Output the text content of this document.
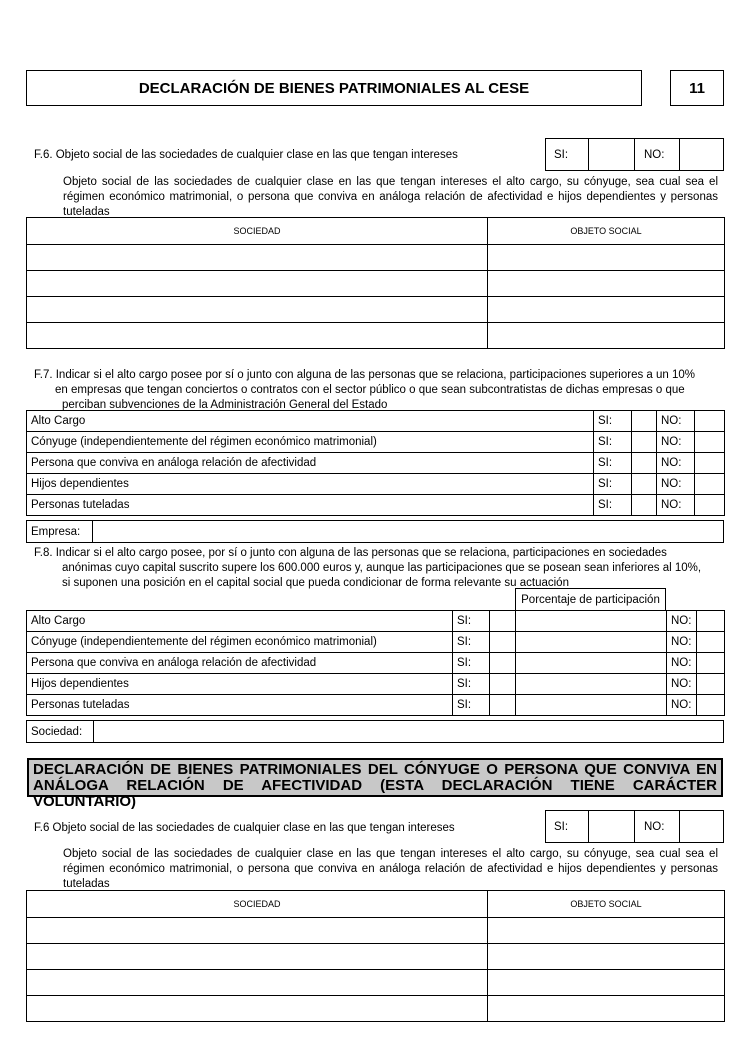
DECLARACIÓN DE BIENES PATRIMONIALES AL CESE	11
F.6. Objeto social de las sociedades de cualquier clase en las que tengan intereses	SI:	NO:
Objeto social de las sociedades de cualquier clase en las que tengan intereses el alto cargo, su cónyuge, sea cual sea el régimen económico matrimonial, o persona que conviva en análoga relación de afectividad e hijos dependientes y personas tuteladas
SOCIEDAD	OBJETO SOCIAL

F.7. Indicar si el alto cargo posee por sí o junto con alguna de las personas que se relaciona, participaciones superiores a un 10%
en empresas que tengan conciertos o contratos con el sector público o que sean subcontratistas de dichas empresas o que
perciban subvenciones de la Administración General del Estado
Alto Cargo	SI:		NO:	
Cónyuge (independientemente del régimen económico matrimonial)	SI:		NO:	
Persona que conviva en análoga relación de afectividad	SI:		NO:	
Hijos dependientes	SI:		NO:	
Personas tuteladas	SI:		NO:	
Empresa:
F.8. Indicar si el alto cargo posee, por sí o junto con alguna de las personas que se relaciona, participaciones en sociedades
anónimas cuyo capital suscrito supere los 600.000 euros y, aunque las participaciones que se posean sean inferiores al 10%,
si suponen una posición en el capital social que pueda condicionar de forma relevante su actuación
Porcentaje de participación
Alto Cargo	SI:			NO:	
Cónyuge (independientemente del régimen económico matrimonial)	SI:			NO:	
Persona que conviva en análoga relación de afectividad	SI:			NO:	
Hijos dependientes	SI:			NO:	
Personas tuteladas	SI:			NO:	
Sociedad:
DECLARACIÓN DE BIENES PATRIMONIALES DEL CÓNYUGE O PERSONA QUE CONVIVA EN
ANÁLOGA RELACIÓN DE AFECTIVIDAD (ESTA DECLARACIÓN TIENE CARÁCTER VOLUNTARIO)
F.6 Objeto social de las sociedades de cualquier clase en las que tengan intereses	SI:	NO:
Objeto social de las sociedades de cualquier clase en las que tengan intereses el alto cargo, su cónyuge, sea cual sea el régimen económico matrimonial, o persona que conviva en análoga relación de afectividad e hijos dependientes y personas tuteladas
SOCIEDAD	OBJETO SOCIAL
